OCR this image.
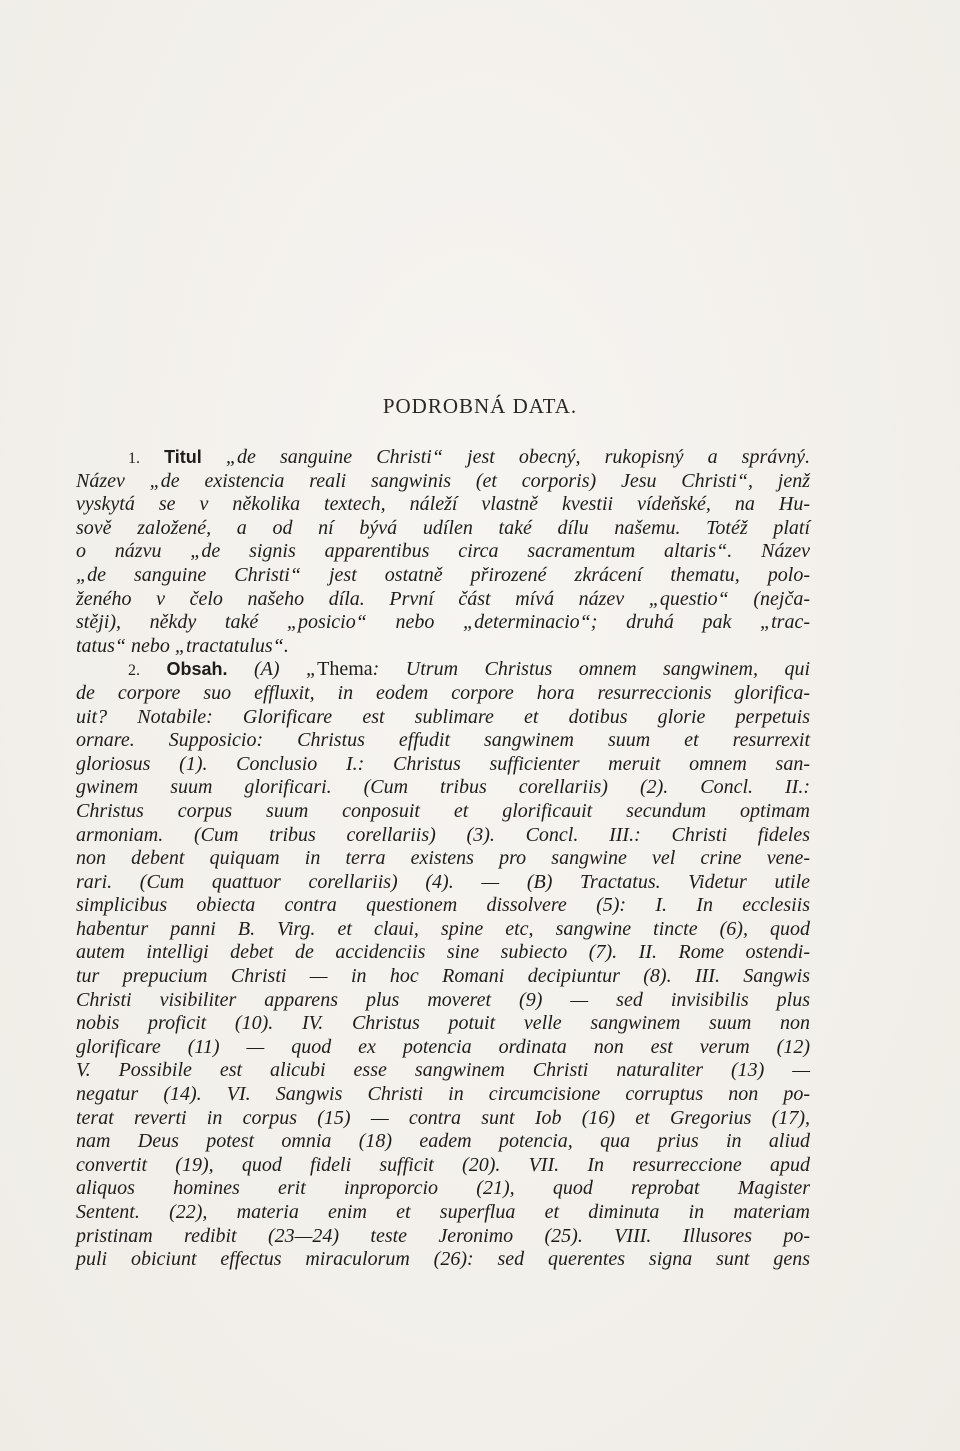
PODROBNÁ DATA.
1. Titul „de sanguine Christi“ jest obecný, rukopisný a správný.
Název „de existencia reali sangwinis (et corporis) Jesu Christi“, jenž
vyskytá se v několika textech, náleží vlastně kvestii vídeňské, na Hu-
sově založené, a od ní bývá udílen také dílu našemu. Totéž platí
o názvu „de signis apparentibus circa sacramentum altaris“. Název
„de sanguine Christi“ jest ostatně přirozené zkrácení thematu, polo-
ženého v čelo našeho díla. První část mívá název „questio“ (nejča-
stěji), někdy také „posicio“ nebo „determinacio“; druhá pak „trac-
tatus“ nebo „tractatulus“.
2. Obsah. (A) „Thema: Utrum Christus omnem sangwinem, qui
de corpore suo effluxit, in eodem corpore hora resurreccionis glorifica-
uit? Notabile: Glorificare est sublimare et dotibus glorie perpetuis
ornare. Supposicio: Christus effudit sangwinem suum et resurrexit
gloriosus (1). Conclusio I.: Christus sufficienter meruit omnem san-
gwinem suum glorificari. (Cum tribus corellariis) (2). Concl. II.:
Christus corpus suum conposuit et glorificauit secundum optimam
armoniam. (Cum tribus corellariis) (3). Concl. III.: Christi fideles
non debent quiquam in terra existens pro sangwine vel crine vene-
rari. (Cum quattuor corellariis) (4). — (B) Tractatus. Videtur utile
simplicibus obiecta contra questionem dissolvere (5): I. In ecclesiis
habentur panni B. Virg. et claui, spine etc, sangwine tincte (6), quod
autem intelligi debet de accidenciis sine subiecto (7). II. Rome ostendi-
tur prepucium Christi — in hoc Romani decipiuntur (8). III. Sangwis
Christi visibiliter apparens plus moveret (9) — sed invisibilis plus
nobis proficit (10). IV. Christus potuit velle sangwinem suum non
glorificare (11) — quod ex potencia ordinata non est verum (12)
V. Possibile est alicubi esse sangwinem Christi naturaliter (13) —
negatur (14). VI. Sangwis Christi in circumcisione corruptus non po-
terat reverti in corpus (15) — contra sunt Iob (16) et Gregorius (17),
nam Deus potest omnia (18) eadem potencia, qua prius in aliud
convertit (19), quod fideli sufficit (20). VII. In resurreccione apud
aliquos homines erit inproporcio (21), quod reprobat Magister
Sentent. (22), materia enim et superflua et diminuta in materiam
pristinam redibit (23—24) teste Jeronimo (25). VIII. Illusores po-
puli obiciunt effectus miraculorum (26): sed querentes signa sunt gens
